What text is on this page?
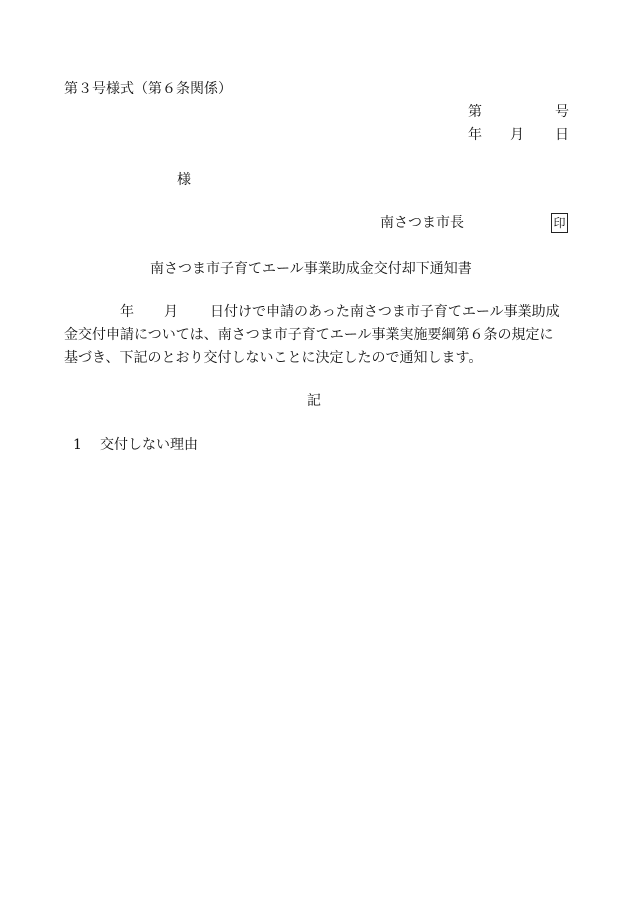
第３号様式（第６条関係）
第	号
年 月 日
様
南さつま市長	印
南さつま市子育てエール事業助成金交付却下通知書
年 月 日付けで申請のあった南さつま市子育てエール事業助成
金交付申請については、南さつま市子育てエール事業実施要綱第６条の規定に
基づき、下記のとおり交付しないことに決定したので通知します。
記
1 交付しない理由
